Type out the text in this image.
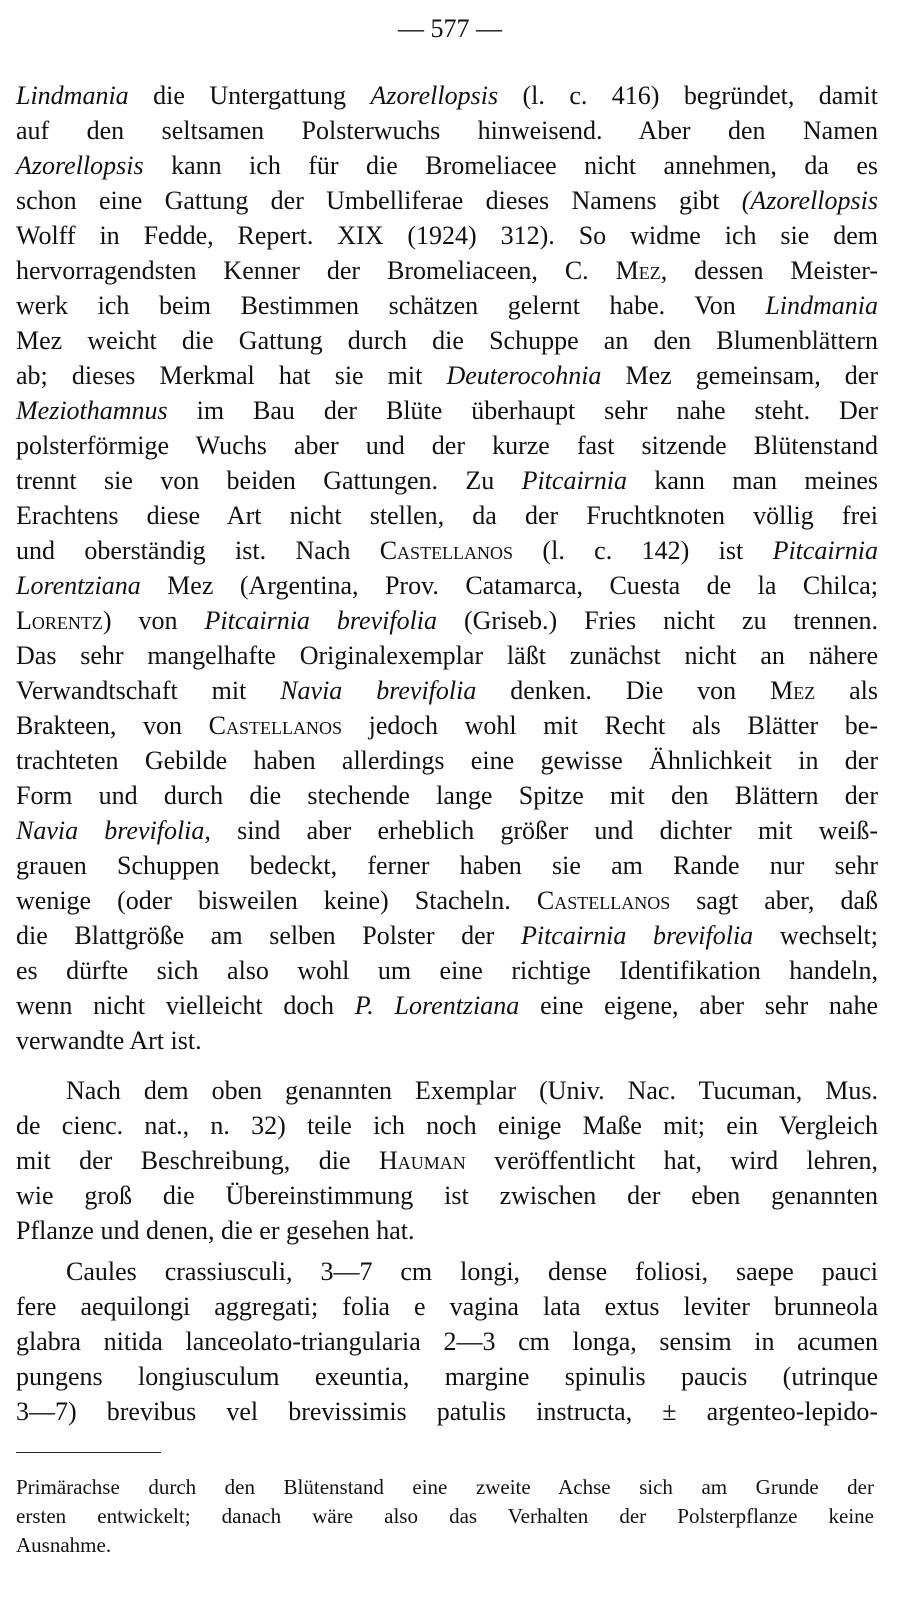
— 577 —
Lindmania die Untergattung Azorellopsis (l. c. 416) begründet, damit
auf den seltsamen Polsterwuchs hinweisend. Aber den Namen
Azorellopsis kann ich für die Bromeliacee nicht annehmen, da es
schon eine Gattung der Umbelliferae dieses Namens gibt (Azorellopsis
Wolff in Fedde, Repert. XIX (1924) 312). So widme ich sie dem
hervorragendsten Kenner der Bromeliaceen, C. Mez, dessen Meister-
werk ich beim Bestimmen schätzen gelernt habe. Von Lindmania
Mez weicht die Gattung durch die Schuppe an den Blumenblättern
ab; dieses Merkmal hat sie mit Deuterocohnia Mez gemeinsam, der
Meziothamnus im Bau der Blüte überhaupt sehr nahe steht. Der
polsterförmige Wuchs aber und der kurze fast sitzende Blütenstand
trennt sie von beiden Gattungen. Zu Pitcairnia kann man meines
Erachtens diese Art nicht stellen, da der Fruchtknoten völlig frei
und oberständig ist. Nach Castellanos (l. c. 142) ist Pitcairnia
Lorentziana Mez (Argentina, Prov. Catamarca, Cuesta de la Chilca;
Lorentz) von Pitcairnia brevifolia (Griseb.) Fries nicht zu trennen.
Das sehr mangelhafte Originalexemplar läßt zunächst nicht an nähere
Verwandtschaft mit Navia brevifolia denken. Die von Mez als
Brakteen, von Castellanos jedoch wohl mit Recht als Blätter be-
trachteten Gebilde haben allerdings eine gewisse Ähnlichkeit in der
Form und durch die stechende lange Spitze mit den Blättern der
Navia brevifolia, sind aber erheblich größer und dichter mit weiß-
grauen Schuppen bedeckt, ferner haben sie am Rande nur sehr
wenige (oder bisweilen keine) Stacheln. Castellanos sagt aber, daß
die Blattgröße am selben Polster der Pitcairnia brevifolia wechselt;
es dürfte sich also wohl um eine richtige Identifikation handeln,
wenn nicht vielleicht doch P. Lorentziana eine eigene, aber sehr nahe
verwandte Art ist.
Nach dem oben genannten Exemplar (Univ. Nac. Tucuman, Mus.
de cienc. nat., n. 32) teile ich noch einige Maße mit; ein Vergleich
mit der Beschreibung, die Hauman veröffentlicht hat, wird lehren,
wie groß die Übereinstimmung ist zwischen der eben genannten
Pflanze und denen, die er gesehen hat.
Caules crassiusculi, 3—7 cm longi, dense foliosi, saepe pauci
fere aequilongi aggregati; folia e vagina lata extus leviter brunneola
glabra nitida lanceolato-triangularia 2—3 cm longa, sensim in acumen
pungens longiusculum exeuntia, margine spinulis paucis (utrinque
3—7) brevibus vel brevissimis patulis instructa, ± argenteo-lepido-
Primärachse durch den Blütenstand eine zweite Achse sich am Grunde der
ersten entwickelt; danach wäre also das Verhalten der Polsterpflanze keine
Ausnahme.
